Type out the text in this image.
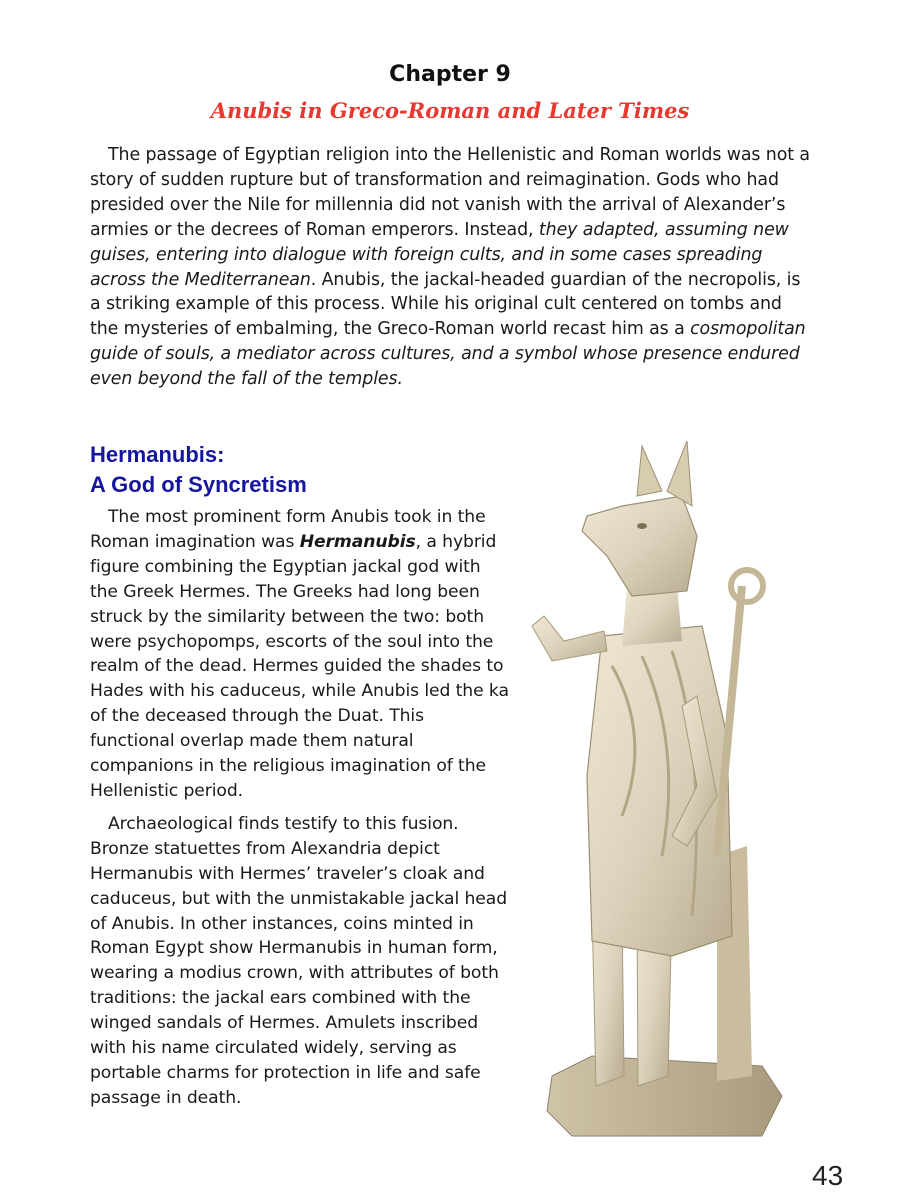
Chapter 9
Anubis in Greco-Roman and Later Times

The passage of Egyptian religion into the Hellenistic and Roman worlds was not a story of sudden rupture but of transformation and reimagination. Gods who had presided over the Nile for millennia did not vanish with the arrival of Alexander’s armies or the decrees of Roman emperors. Instead, they adapted, assuming new guises, entering into dialogue with foreign cults, and in some cases spreading across the Mediterranean. Anubis, the jackal-headed guardian of the necropolis, is a striking example of this process. While his original cult centered on tombs and the mysteries of embalming, the Greco-Roman world recast him as a cosmopolitan guide of souls, a mediator across cultures, and a symbol whose presence endured even beyond the fall of the temples.

Hermanubis:
A God of Syncretism

The most prominent form Anubis took in the Roman imagination was Hermanubis, a hybrid figure combining the Egyptian jackal god with the Greek Hermes. The Greeks had long been struck by the similarity between the two: both were psychopomps, escorts of the soul into the realm of the dead. Hermes guided the shades to Hades with his caduceus, while Anubis led the ka of the deceased through the Duat. This functional overlap made them natural companions in the religious imagination of the Hellenistic period.

Archaeological finds testify to this fusion. Bronze statuettes from Alexandria depict Hermanubis with Hermes’ traveler’s cloak and caduceus, but with the unmistakable jackal head of Anubis. In other instances, coins minted in Roman Egypt show Hermanubis in human form, wearing a modius crown, with attributes of both traditions: the jackal ears combined with the winged sandals of Hermes. Amulets inscribed with his name circulated widely, serving as portable charms for protection in life and safe passage in death.

43
